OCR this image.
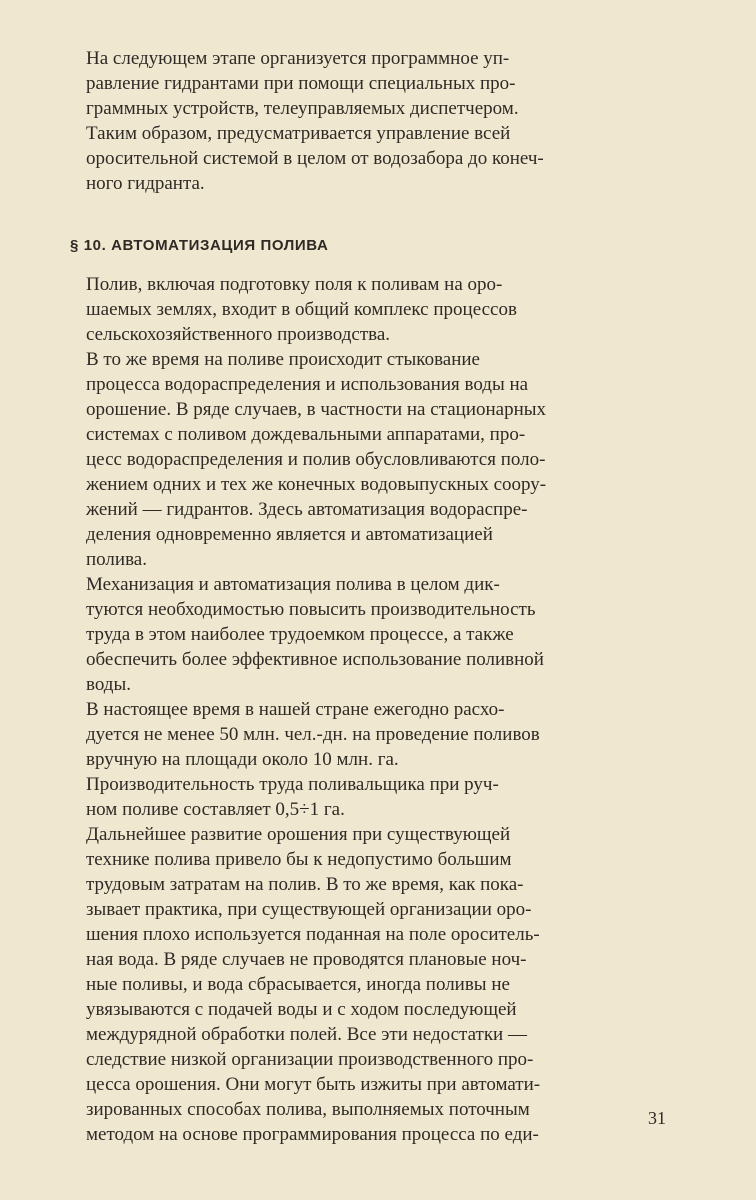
На следующем этапе организуется программное уп-
равление гидрантами при помощи специальных про-
граммных устройств, телеуправляемых диспетчером.
Таким образом, предусматривается управление всей
оросительной системой в целом от водозабора до конеч-
ного гидранта.
§ 10. АВТОМАТИЗАЦИЯ ПОЛИВА
Полив, включая подготовку поля к поливам на оро-
шаемых землях, входит в общий комплекс процессов
сельскохозяйственного производства.
В то же время на поливе происходит стыкование
процесса водораспределения и использования воды на
орошение. В ряде случаев, в частности на стационарных
системах с поливом дождевальными аппаратами, про-
цесс водораспределения и полив обусловливаются поло-
жением одних и тех же конечных водовыпускных соору-
жений — гидрантов. Здесь автоматизация водораспре-
деления одновременно является и автоматизацией
полива.
Механизация и автоматизация полива в целом дик-
туются необходимостью повысить производительность
труда в этом наиболее трудоемком процессе, а также
обеспечить более эффективное использование поливной
воды.
В настоящее время в нашей стране ежегодно расхо-
дуется не менее 50 млн. чел.-дн. на проведение поливов
вручную на площади около 10 млн. га.
Производительность труда поливальщика при руч-
ном поливе составляет 0,5÷1 га.
Дальнейшее развитие орошения при существующей
технике полива привело бы к недопустимо большим
трудовым затратам на полив. В то же время, как пока-
зывает практика, при существующей организации оро-
шения плохо используется поданная на поле ороситель-
ная вода. В ряде случаев не проводятся плановые ноч-
ные поливы, и вода сбрасывается, иногда поливы не
увязываются с подачей воды и с ходом последующей
междурядной обработки полей. Все эти недостатки —
следствие низкой организации производственного про-
цесса орошения. Они могут быть изжиты при автомати-
зированных способах полива, выполняемых поточным
методом на основе программирования процесса по еди-
31
